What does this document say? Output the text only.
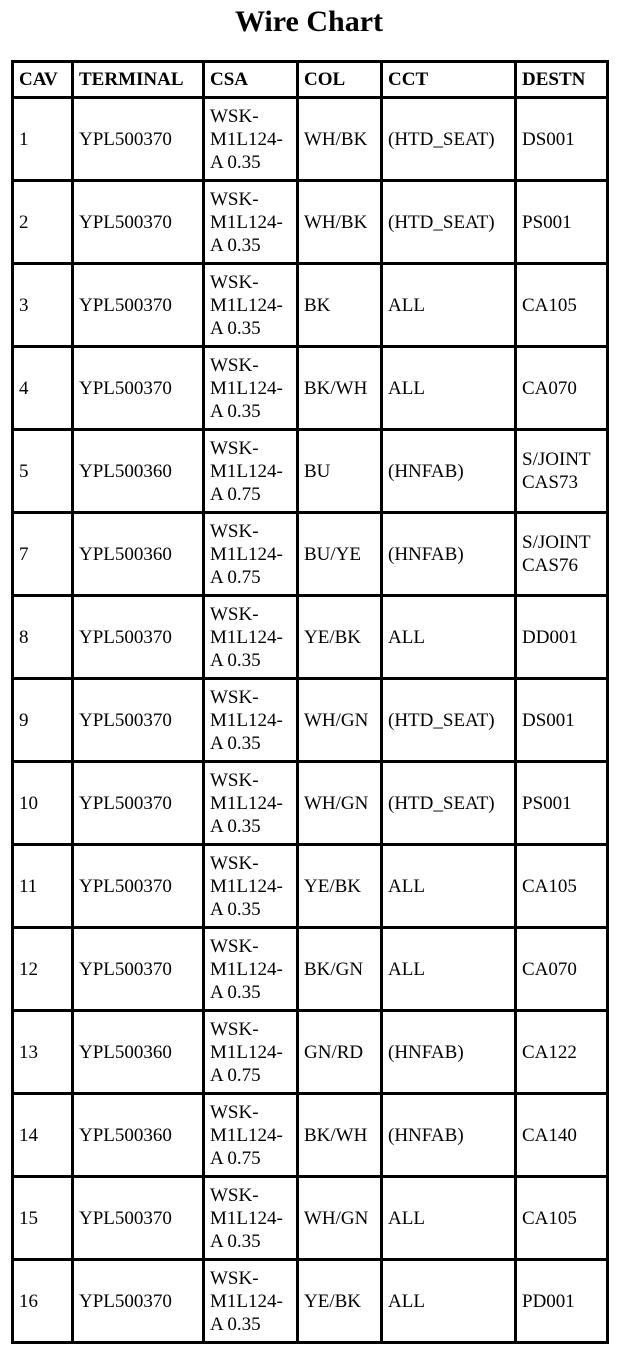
Wire Chart
CAV	TERMINAL	CSA	COL	CCT	DESTN
1	YPL500370	WSK-
M1L124-
A 0.35	WH/BK	(HTD_SEAT)	DS001

2	YPL500370	WSK-
M1L124-
A 0.35	WH/BK	(HTD_SEAT)	PS001

3	YPL500370	WSK-
M1L124-
A 0.35	BK	ALL	CA105

4	YPL500370	WSK-
M1L124-
A 0.35	BK/WH	ALL	CA070

5	YPL500360	WSK-
M1L124-
A 0.75	BU	(HNFAB)	S/JOINT
CAS73

7	YPL500360	WSK-
M1L124-
A 0.75	BU/YE	(HNFAB)	S/JOINT
CAS76

8	YPL500370	WSK-
M1L124-
A 0.35	YE/BK	ALL	DD001

9	YPL500370	WSK-
M1L124-
A 0.35	WH/GN	(HTD_SEAT)	DS001

10	YPL500370	WSK-
M1L124-
A 0.35	WH/GN	(HTD_SEAT)	PS001

11	YPL500370	WSK-
M1L124-
A 0.35	YE/BK	ALL	CA105

12	YPL500370	WSK-
M1L124-
A 0.35	BK/GN	ALL	CA070

13	YPL500360	WSK-
M1L124-
A 0.75	GN/RD	(HNFAB)	CA122

14	YPL500360	WSK-
M1L124-
A 0.75	BK/WH	(HNFAB)	CA140

15	YPL500370	WSK-
M1L124-
A 0.35	WH/GN	ALL	CA105

16	YPL500370	WSK-
M1L124-
A 0.35	YE/BK	ALL	PD001
